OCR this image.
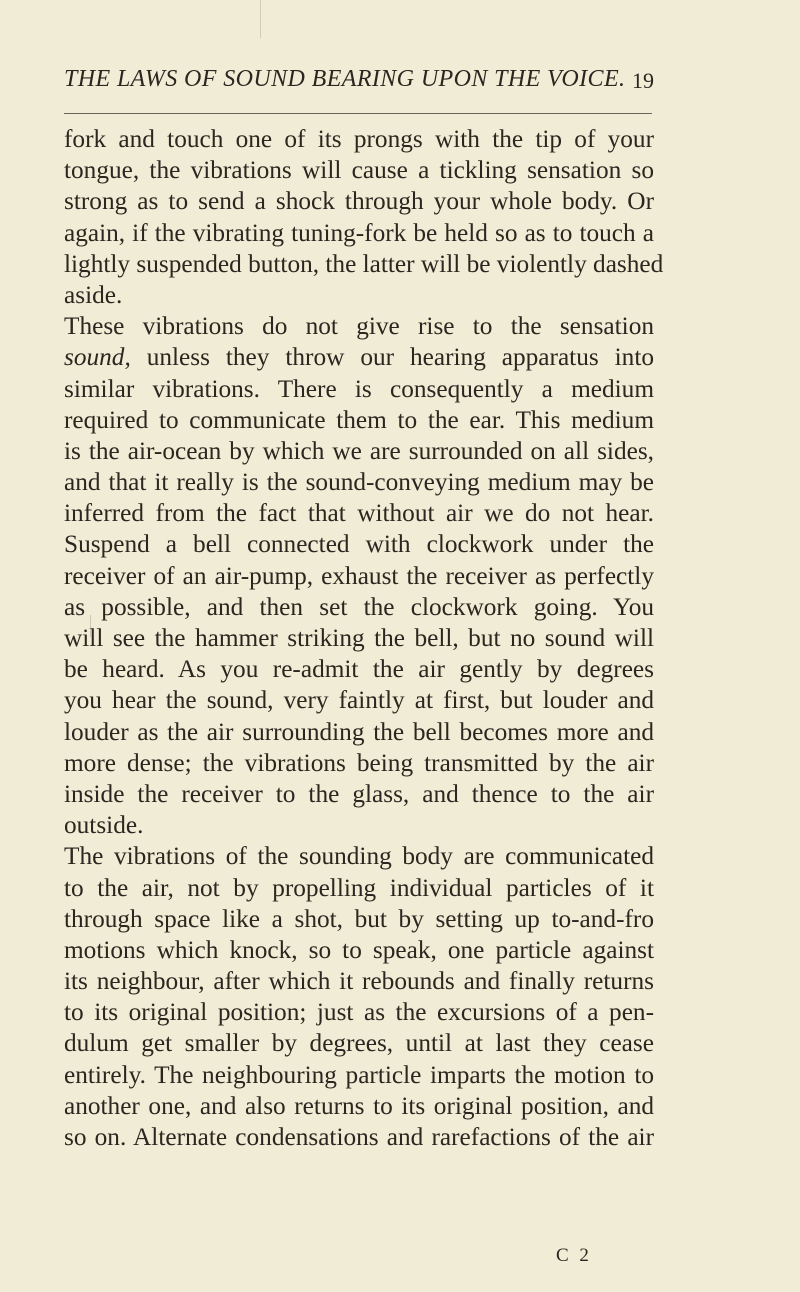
THE LAWS OF SOUND BEARING UPON THE VOICE. 19
fork and touch one of its prongs with the tip of your
tongue, the vibrations will cause a tickling sensation so
strong as to send a shock through your whole body. Or
again, if the vibrating tuning-fork be held so as to touch a
lightly suspended button, the latter will be violently dashed
aside.
These vibrations do not give rise to the sensation
sound, unless they throw our hearing apparatus into
similar vibrations. There is consequently a medium
required to communicate them to the ear. This medium
is the air-ocean by which we are surrounded on all sides,
and that it really is the sound-conveying medium may be
inferred from the fact that without air we do not hear.
Suspend a bell connected with clockwork under the
receiver of an air-pump, exhaust the receiver as perfectly
as possible, and then set the clockwork going. You
will see the hammer striking the bell, but no sound will
be heard. As you re-admit the air gently by degrees
you hear the sound, very faintly at first, but louder and
louder as the air surrounding the bell becomes more and
more dense; the vibrations being transmitted by the air
inside the receiver to the glass, and thence to the air
outside.
The vibrations of the sounding body are communicated
to the air, not by propelling individual particles of it
through space like a shot, but by setting up to-and-fro
motions which knock, so to speak, one particle against
its neighbour, after which it rebounds and finally returns
to its original position; just as the excursions of a pen-
dulum get smaller by degrees, until at last they cease
entirely. The neighbouring particle imparts the motion to
another one, and also returns to its original position, and
so on. Alternate condensations and rarefactions of the air
C 2
